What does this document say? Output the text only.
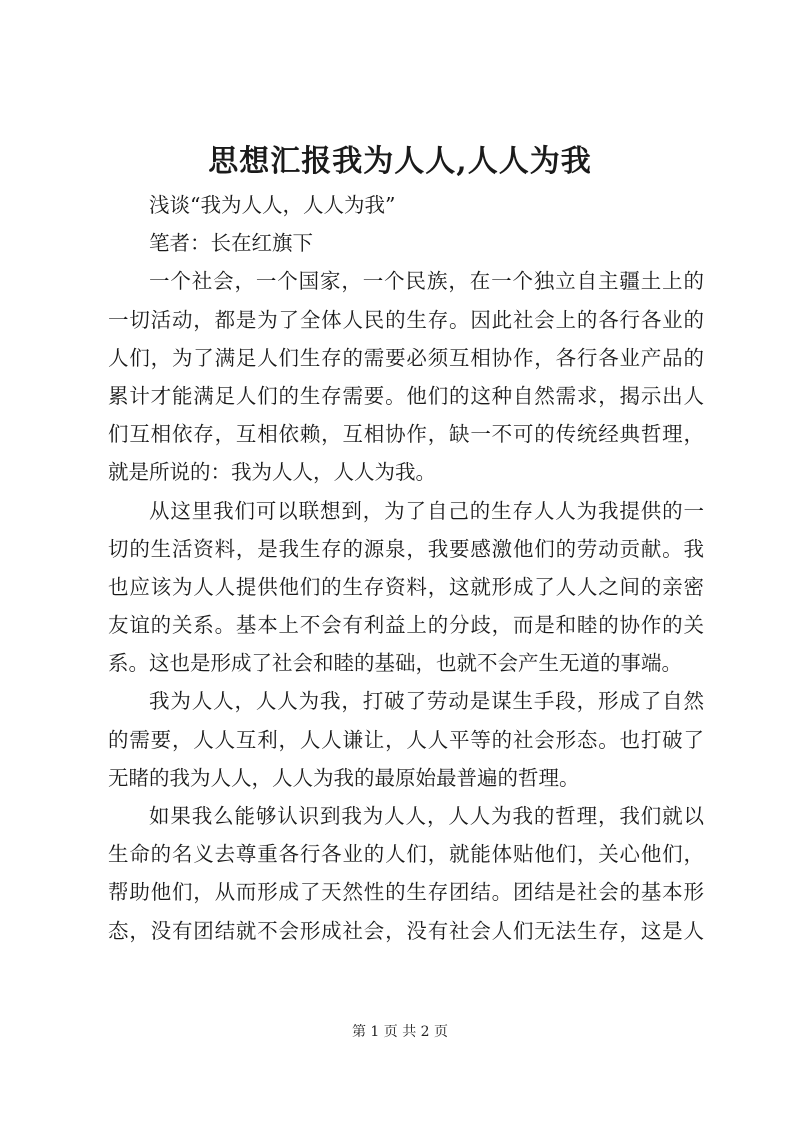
思想汇报我为人人,人人为我
浅谈“我为人人，人人为我”
笔者：长在红旗下
一个社会，一个国家，一个民族，在一个独立自主疆土上的
一切活动，都是为了全体人民的生存。因此社会上的各行各业的
人们，为了满足人们生存的需要必须互相协作，各行各业产品的
累计才能满足人们的生存需要。他们的这种自然需求，揭示出人
们互相依存，互相依赖，互相协作，缺一不可的传统经典哲理，
就是所说的：我为人人，人人为我。
从这里我们可以联想到，为了自己的生存人人为我提供的一
切的生活资料，是我生存的源泉，我要感激他们的劳动贡献。我
也应该为人人提供他们的生存资料，这就形成了人人之间的亲密
友谊的关系。基本上不会有利益上的分歧，而是和睦的协作的关
系。这也是形成了社会和睦的基础，也就不会产生无道的事端。
我为人人，人人为我，打破了劳动是谋生手段，形成了自然
的需要，人人互利，人人谦让，人人平等的社会形态。也打破了
无睹的我为人人，人人为我的最原始最普遍的哲理。
如果我么能够认识到我为人人，人人为我的哲理，我们就以
生命的名义去尊重各行各业的人们，就能体贴他们，关心他们，
帮助他们，从而形成了天然性的生存团结。团结是社会的基本形
态，没有团结就不会形成社会，没有社会人们无法生存，这是人
第 1 页 共 2 页
